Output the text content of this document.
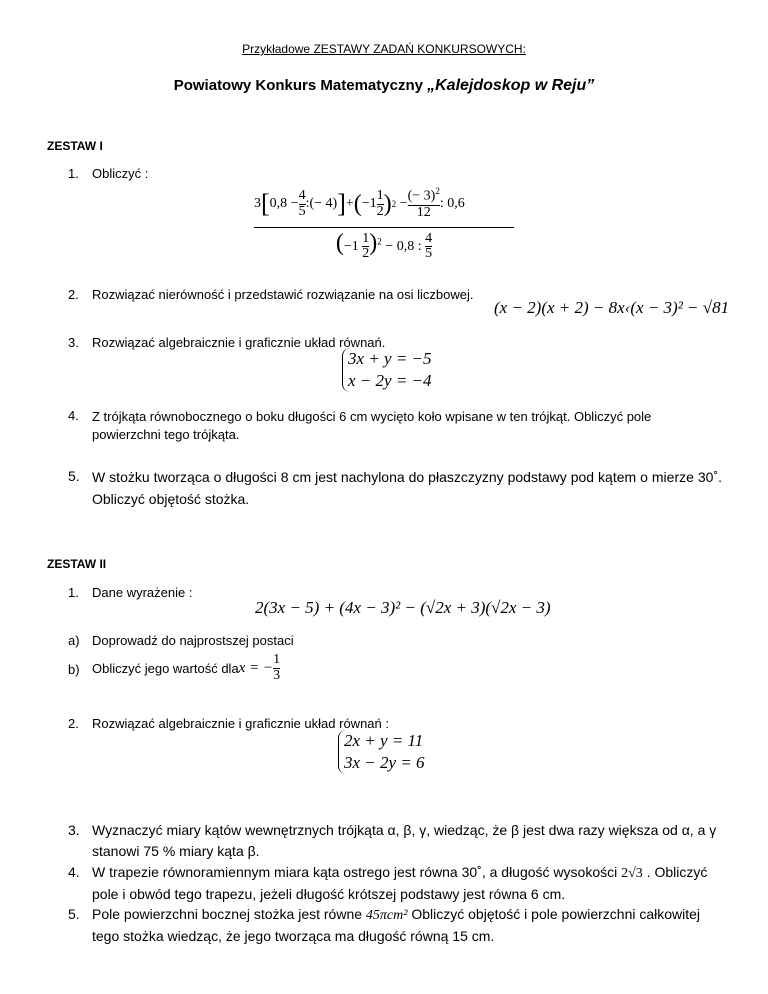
Przykładowe ZESTAWY ZADAŃ KONKURSOWYCH:
Powiatowy Konkurs Matematyczny „Kalejdoskop w Reju”
ZESTAW I
1. Obliczyć :
3 [ $0,8 - \frac{4}{5}$ :(− 4) ] + ( $-1 \frac{1}{2}$ ) $2 - \frac{(- 3)^2}{12}$ : 0,6
$(-1 \frac{1}{2} )^2 - 0,8$ : $\frac{4}{5}$
2. Rozwiązać nierówność i przedstawić rozwiązanie na osi liczbowej.
(x − 2)(x + 2) − 8x‹(x − 3)² − √81
3. Rozwiązać algebraicznie i graficznie układ równań.
3x + y = −5
x − 2y = −4
4. Z trójkąta równobocznego o boku długości 6 cm wycięto koło wpisane w ten trójkąt. Obliczyć pole powierzchni tego trójkąta.
5. W stożku tworząca o długości 8 cm jest nachylona do płaszczyzny podstawy pod kątem o mierze 30˚. Obliczyć objętość stożka.
ZESTAW II
1. Dane wyrażenie :
2(3x − 5) + (4x − 3)² − (√2x + 3)(√2x − 3)
a) Doprowadź do najprostszej postaci
b) Obliczyć jego wartość dla x = − $\frac{1}{3}$
2. Rozwiązać algebraicznie i graficznie układ równań :
2x + y = 11
3x − 2y = 6
3. Wyznaczyć miary kątów wewnętrznych trójkąta α, β, γ, wiedząc, że β jest dwa razy większa od α, a γ stanowi 75 % miary kąta β.
4. W trapezie równoramiennym miara kąta ostrego jest równa 30˚, a długość wysokości 2√3 . Obliczyć pole i obwód tego trapezu, jeżeli długość krótszej podstawy jest równa 6 cm.
5. Pole powierzchni bocznej stożka jest równe 45πcm² Obliczyć objętość i pole powierzchni całkowitej tego stożka wiedząc, że jego tworząca ma długość równą 15 cm.
